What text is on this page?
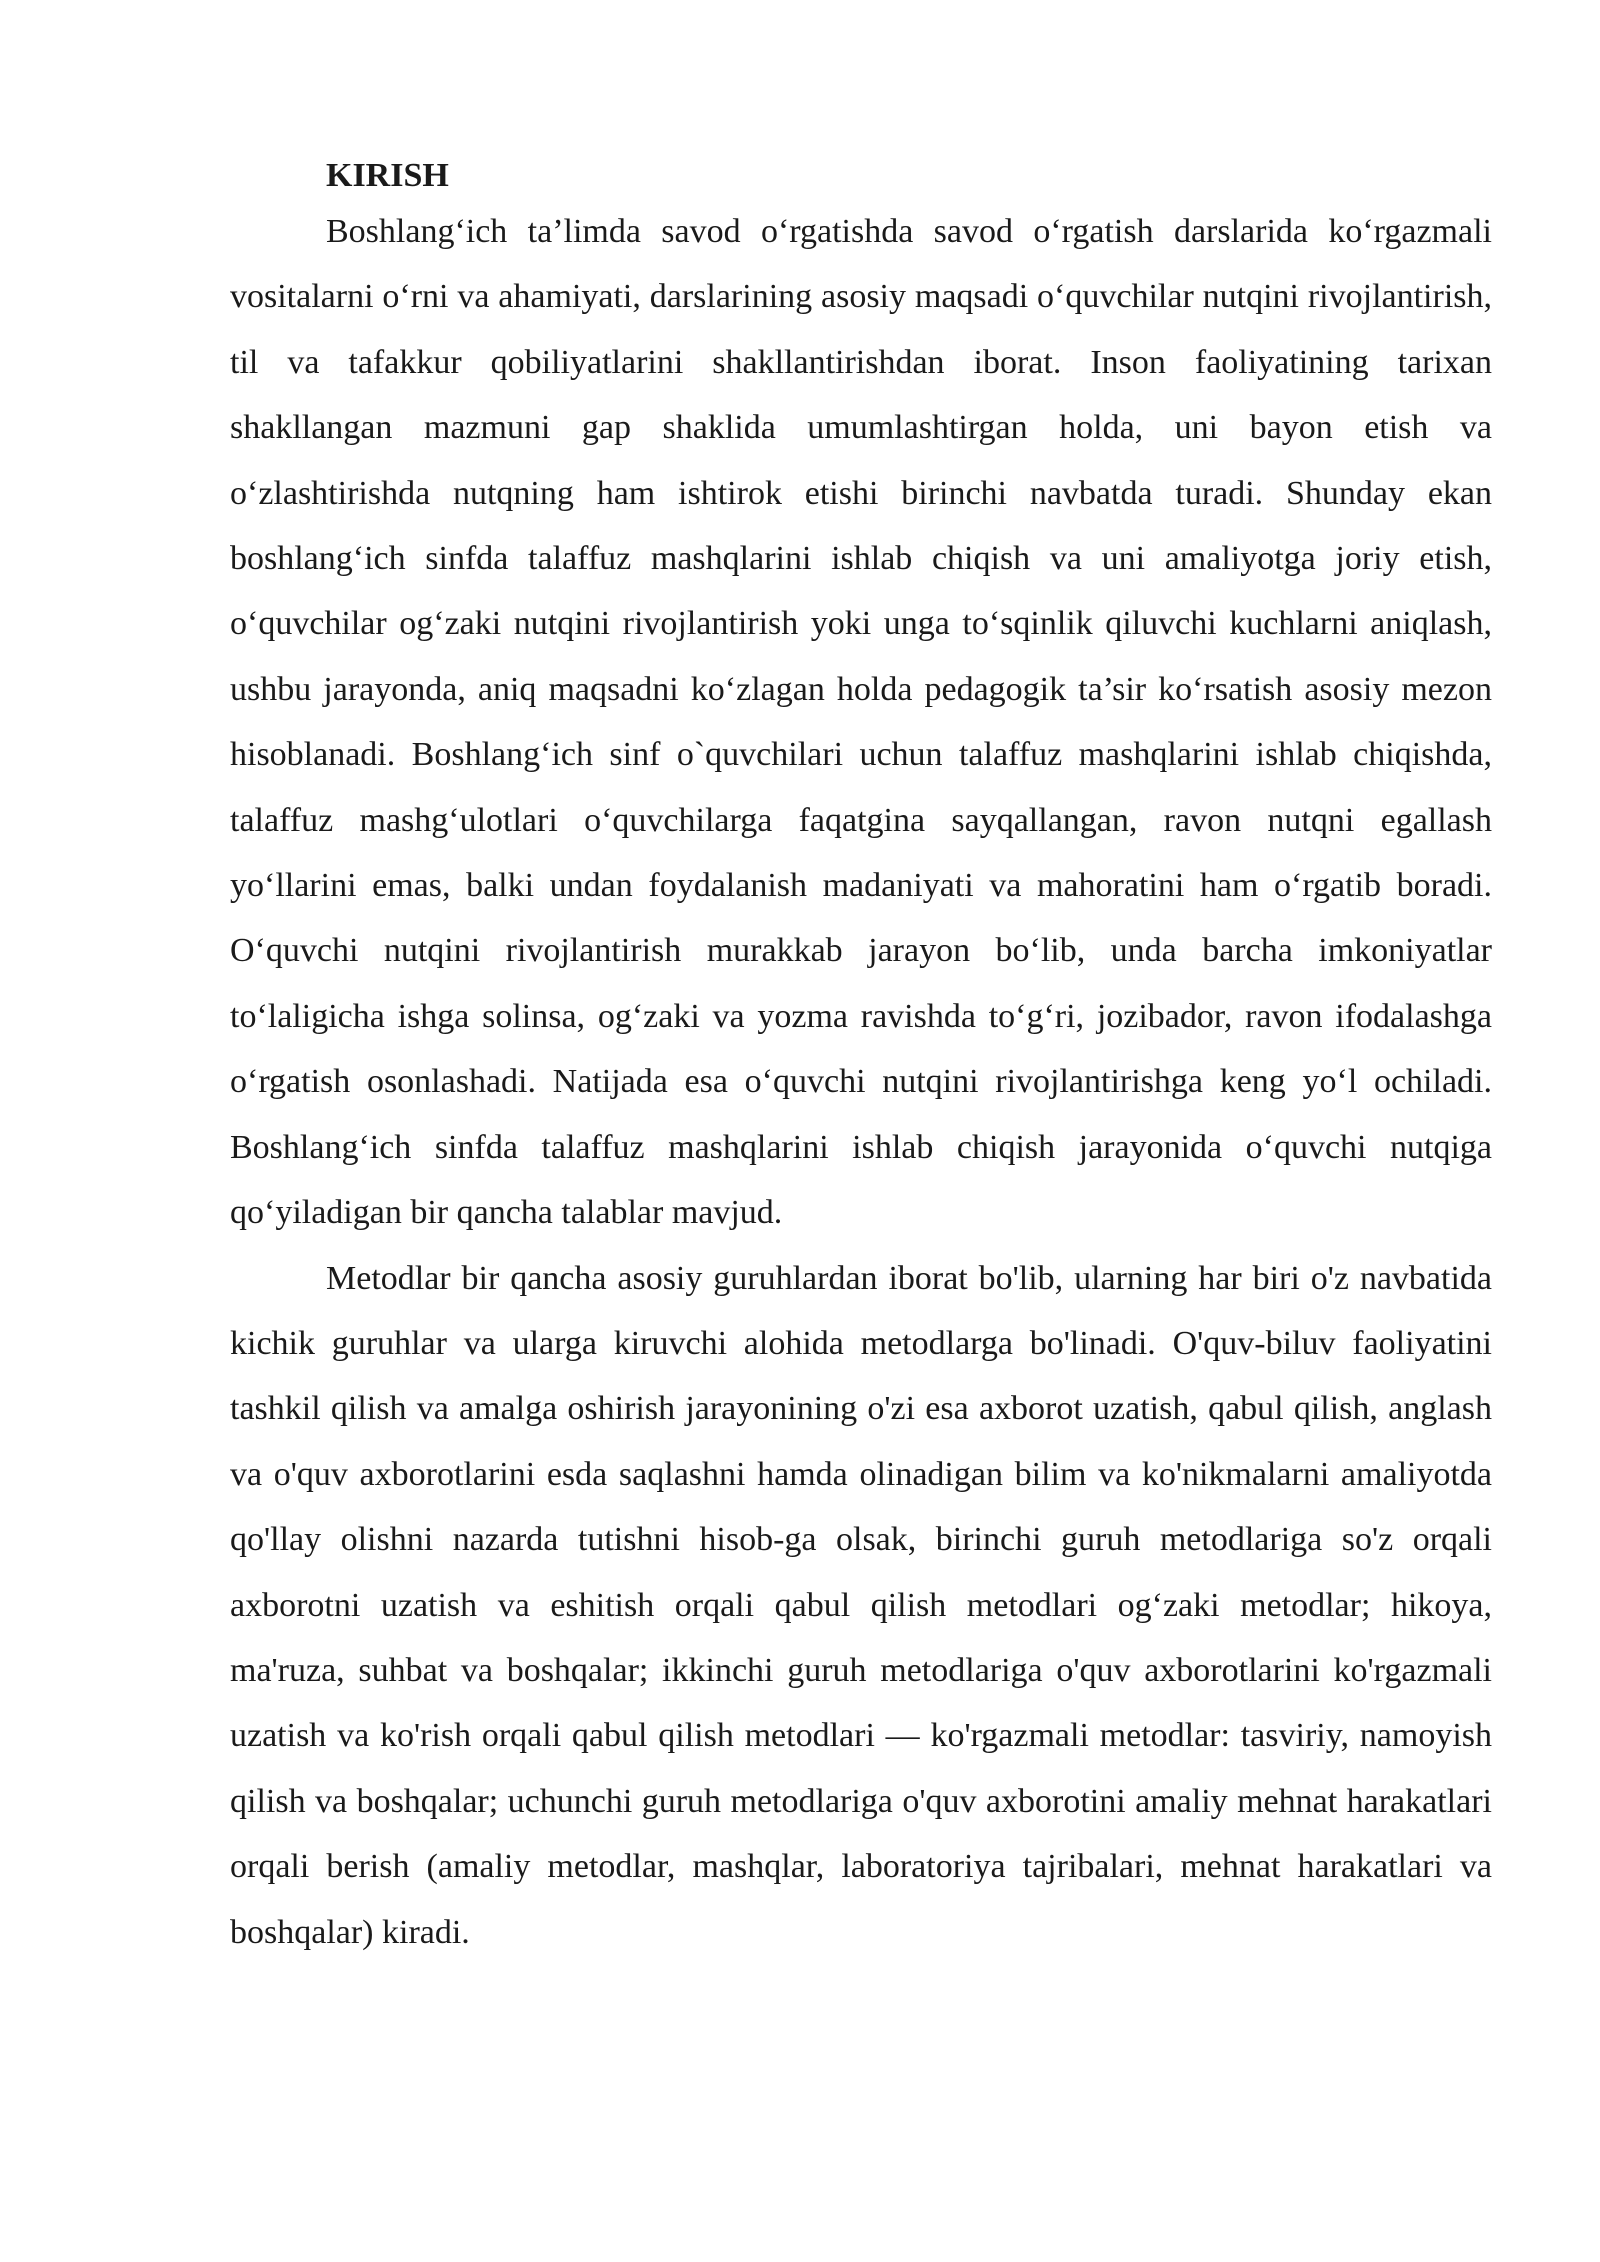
KIRISH

Boshlang‘ich ta’limda savod o‘rgatishda savod o‘rgatish darslarida ko‘rgazmali vositalarni o‘rni va ahamiyati, darslarining asosiy maqsadi o‘quvchilar nutqini rivojlantirish, til va tafakkur qobiliyatlarini shakllantirishdan iborat. Inson faoliyatining tarixan shakllangan mazmuni gap shaklida umumlashtirgan holda, uni bayon etish va o‘zlashtirishda nutqning ham ishtirok etishi birinchi navbatda turadi. Shunday ekan boshlang‘ich sinfda talaffuz mashqlarini ishlab chiqish va uni amaliyotga joriy etish, o‘quvchilar og‘zaki nutqini rivojlantirish yoki unga to‘sqinlik qiluvchi kuchlarni aniqlash, ushbu jarayonda, aniq maqsadni ko‘zlagan holda pedagogik ta’sir ko‘rsatish asosiy mezon hisoblanadi. Boshlang‘ich sinf o`quvchilari uchun talaffuz mashqlarini ishlab chiqishda, talaffuz mashg‘ulotlari o‘quvchilarga faqatgina sayqallangan, ravon nutqni egallash yo‘llarini emas, balki undan foydalanish madaniyati va mahoratini ham o‘rgatib boradi. O‘quvchi nutqini rivojlantirish murakkab jarayon bo‘lib, unda barcha imkoniyatlar to‘laligicha ishga solinsa, og‘zaki va yozma ravishda to‘g‘ri, jozibador, ravon ifodalashga o‘rgatish osonlashadi. Natijada esa o‘quvchi nutqini rivojlantirishga keng yo‘l ochiladi. Boshlang‘ich sinfda talaffuz mashqlarini ishlab chiqish jarayonida o‘quvchi nutqiga qo‘yiladigan bir qancha talablar mavjud.

Metodlar bir qancha asosiy guruhlardan iborat bo'lib, ularning har biri o'z navbatida kichik guruhlar va ularga kiruvchi alohida metodlarga bo'linadi. O'quv-biluv faoliyatini tashkil qilish va amalga oshirish jarayonining o'zi esa axborot uzatish, qabul qilish, anglash va o'quv axborotlarini esda saqlashni hamda olinadigan bilim va ko'nikmalarni amaliyotda qo'llay olishni nazarda tutishni hisob-ga olsak, birinchi guruh metodlariga so'z orqali axborotni uzatish va eshitish orqali qabul qilish metodlari og‘zaki metodlar; hikoya, ma'ruza, suhbat va boshqalar; ikkinchi guruh metodlariga o'quv axborotlarini ko'rgazmali uzatish va ko'rish orqali qabul qilish metodlari — ko'rgazmali metodlar: tasviriy, namoyish qilish va boshqalar; uchunchi guruh metodlariga o'quv axborotini amaliy mehnat harakatlari orqali berish (amaliy metodlar, mashqlar, laboratoriya tajribalari, mehnat harakatlari va boshqalar) kiradi.
